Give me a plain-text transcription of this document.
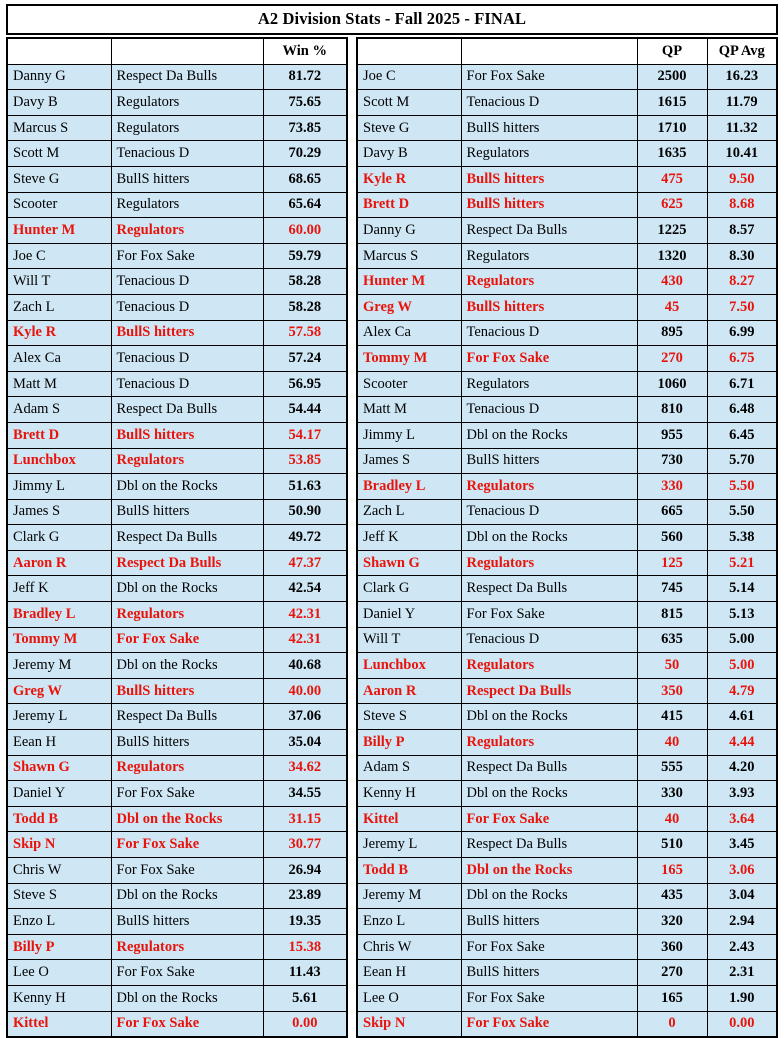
A2 Division Stats - Fall 2025 - FINAL
		Win %
Danny G	Respect Da Bulls	81.72
Davy B	Regulators	75.65
Marcus S	Regulators	73.85
Scott M	Tenacious D	70.29
Steve G	BullS hitters	68.65
Scooter	Regulators	65.64
Hunter M	Regulators	60.00
Joe C	For Fox Sake	59.79
Will T	Tenacious D	58.28
Zach L	Tenacious D	58.28
Kyle R	BullS hitters	57.58
Alex Ca	Tenacious D	57.24
Matt M	Tenacious D	56.95
Adam S	Respect Da Bulls	54.44
Brett D	BullS hitters	54.17
Lunchbox	Regulators	53.85
Jimmy L	Dbl on the Rocks	51.63
James S	BullS hitters	50.90
Clark G	Respect Da Bulls	49.72
Aaron R	Respect Da Bulls	47.37
Jeff K	Dbl on the Rocks	42.54
Bradley L	Regulators	42.31
Tommy M	For Fox Sake	42.31
Jeremy M	Dbl on the Rocks	40.68
Greg W	BullS hitters	40.00
Jeremy L	Respect Da Bulls	37.06
Eean H	BullS hitters	35.04
Shawn G	Regulators	34.62
Daniel Y	For Fox Sake	34.55
Todd B	Dbl on the Rocks	31.15
Skip N	For Fox Sake	30.77
Chris W	For Fox Sake	26.94
Steve S	Dbl on the Rocks	23.89
Enzo L	BullS hitters	19.35
Billy P	Regulators	15.38
Lee O	For Fox Sake	11.43
Kenny H	Dbl on the Rocks	5.61
Kittel	For Fox Sake	0.00
		QP	QP Avg
Joe C	For Fox Sake	2500	16.23
Scott M	Tenacious D	1615	11.79
Steve G	BullS hitters	1710	11.32
Davy B	Regulators	1635	10.41
Kyle R	BullS hitters	475	9.50
Brett D	BullS hitters	625	8.68
Danny G	Respect Da Bulls	1225	8.57
Marcus S	Regulators	1320	8.30
Hunter M	Regulators	430	8.27
Greg W	BullS hitters	45	7.50
Alex Ca	Tenacious D	895	6.99
Tommy M	For Fox Sake	270	6.75
Scooter	Regulators	1060	6.71
Matt M	Tenacious D	810	6.48
Jimmy L	Dbl on the Rocks	955	6.45
James S	BullS hitters	730	5.70
Bradley L	Regulators	330	5.50
Zach L	Tenacious D	665	5.50
Jeff K	Dbl on the Rocks	560	5.38
Shawn G	Regulators	125	5.21
Clark G	Respect Da Bulls	745	5.14
Daniel Y	For Fox Sake	815	5.13
Will T	Tenacious D	635	5.00
Lunchbox	Regulators	50	5.00
Aaron R	Respect Da Bulls	350	4.79
Steve S	Dbl on the Rocks	415	4.61
Billy P	Regulators	40	4.44
Adam S	Respect Da Bulls	555	4.20
Kenny H	Dbl on the Rocks	330	3.93
Kittel	For Fox Sake	40	3.64
Jeremy L	Respect Da Bulls	510	3.45
Todd B	Dbl on the Rocks	165	3.06
Jeremy M	Dbl on the Rocks	435	3.04
Enzo L	BullS hitters	320	2.94
Chris W	For Fox Sake	360	2.43
Eean H	BullS hitters	270	2.31
Lee O	For Fox Sake	165	1.90
Skip N	For Fox Sake	0	0.00
